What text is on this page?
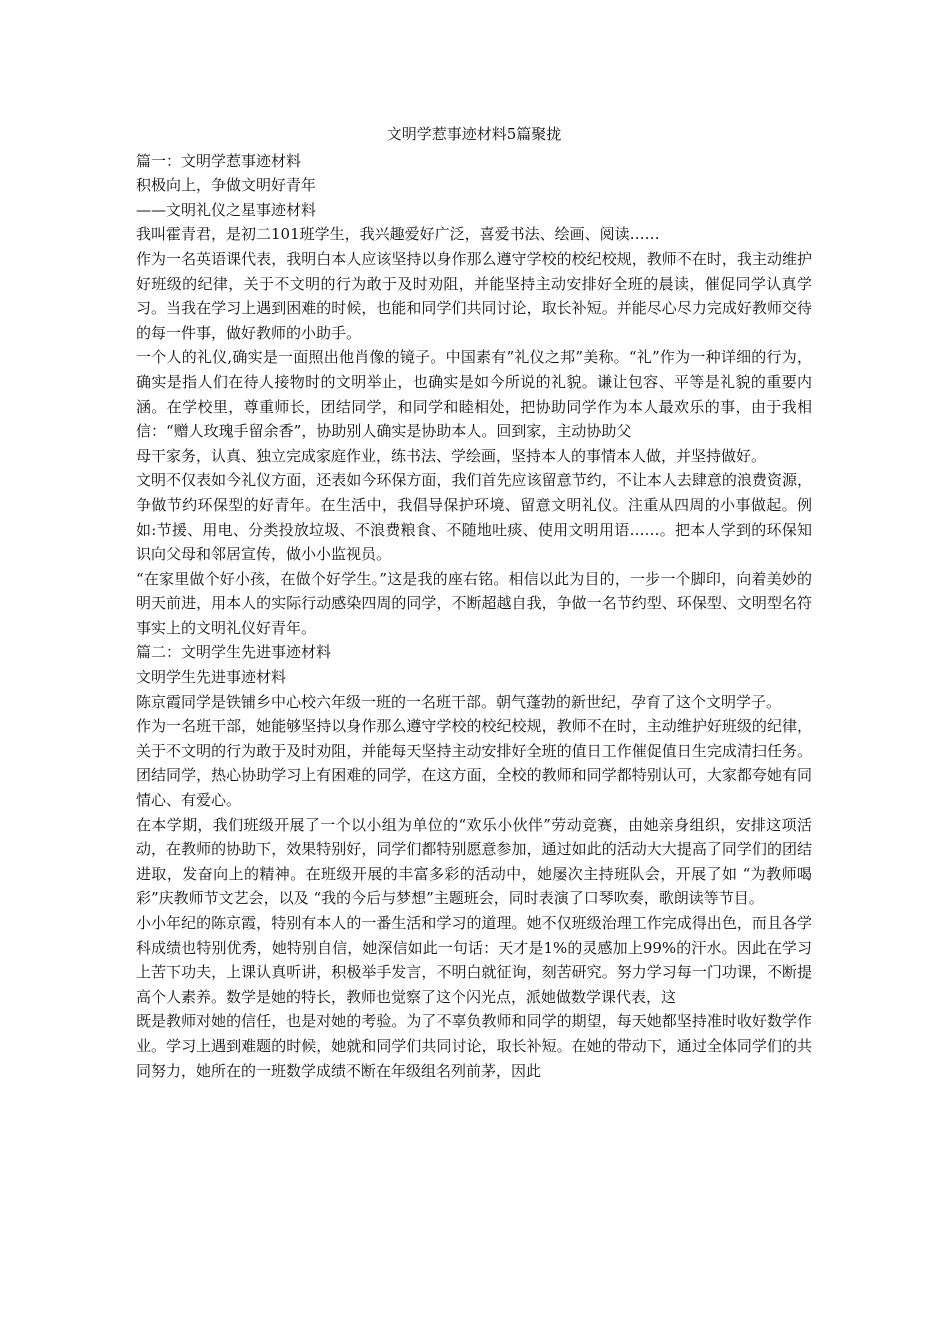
文明学惹事迹材料5篇聚拢
篇一：文明学惹事迹材料
积极向上，争做文明好青年
——文明礼仪之星事迹材料
我叫霍青君，是初二101班学生，我兴趣爱好广泛，喜爱书法、绘画、阅读……
作为一名英语课代表，我明白本人应该坚持以身作那么遵守学校的校纪校规，教师不在时，我主动维护好班级的纪律，关于不文明的行为敢于及时劝阻，并能坚持主动安排好全班的晨读，催促同学认真学习。当我在学习上遇到困难的时候，也能和同学们共同讨论，取长补短。并能尽心尽力完成好教师交待的每一件事，做好教师的小助手。
一个人的礼仪,确实是一面照出他肖像的镜子。中国素有”礼仪之邦”美称。“礼”作为一种详细的行为，确实是指人们在待人接物时的文明举止，也确实是如今所说的礼貌。谦让包容、平等是礼貌的重要内涵。在学校里，尊重师长，团结同学，和同学和睦相处，把协助同学作为本人最欢乐的事，由于我相信：“赠人玫瑰手留余香”，协助别人确实是协助本人。回到家，主动协助父
母干家务，认真、独立完成家庭作业，练书法、学绘画，坚持本人的事情本人做，并坚持做好。
文明不仅表如今礼仪方面，还表如今环保方面，我们首先应该留意节约，不让本人去肆意的浪费资源，争做节约环保型的好青年。在生活中，我倡导保护环境、留意文明礼仪。注重从四周的小事做起。例如:节援、用电、分类投放垃圾、不浪费粮食、不随地吐痰、使用文明用语……。把本人学到的环保知识向父母和邻居宣传，做小小监视员。
“在家里做个好小孩，在做个好学生。”这是我的座右铭。相信以此为目的，一步一个脚印，向着美妙的明天前进，用本人的实际行动感染四周的同学，不断超越自我，争做一名节约型、环保型、文明型名符事实上的文明礼仪好青年。
篇二：文明学生先进事迹材料
文明学生先进事迹材料
陈京霞同学是铁铺乡中心校六年级一班的一名班干部。朝气蓬勃的新世纪，孕育了这个文明学子。
作为一名班干部，她能够坚持以身作那么遵守学校的校纪校规，教师不在时，主动维护好班级的纪律，关于不文明的行为敢于及时劝阻，并能每天坚持主动安排好全班的值日工作催促值日生完成清扫任务。团结同学，热心协助学习上有困难的同学，在这方面，全校的教师和同学都特别认可，大家都夸她有同情心、有爱心。
在本学期，我们班级开展了一个以小组为单位的“欢乐小伙伴”劳动竞赛，由她亲身组织，安排这项活动，在教师的协助下，效果特别好，同学们都特别愿意参加，通过如此的活动大大提高了同学们的团结进取，发奋向上的精神。在班级开展的丰富多彩的活动中，她屡次主持班队会，开展了如 “为教师喝彩”庆教师节文艺会，以及 “我的今后与梦想”主题班会，同时表演了口琴吹奏，歌朗读等节目。
小小年纪的陈京霞，特别有本人的一番生活和学习的道理。她不仅班级治理工作完成得出色，而且各学科成绩也特别优秀，她特别自信，她深信如此一句话：天才是1%的灵感加上99%的汗水。因此在学习上苦下功夫，上课认真听讲，积极举手发言，不明白就征询，刻苦研究。努力学习每一门功课，不断提高个人素养。数学是她的特长，教师也觉察了这个闪光点，派她做数学课代表，这
既是教师对她的信任，也是对她的考验。为了不辜负教师和同学的期望，每天她都坚持准时收好数学作业。学习上遇到难题的时候，她就和同学们共同讨论，取长补短。在她的带动下，通过全体同学们的共同努力，她所在的一班数学成绩不断在年级组名列前茅，因此
